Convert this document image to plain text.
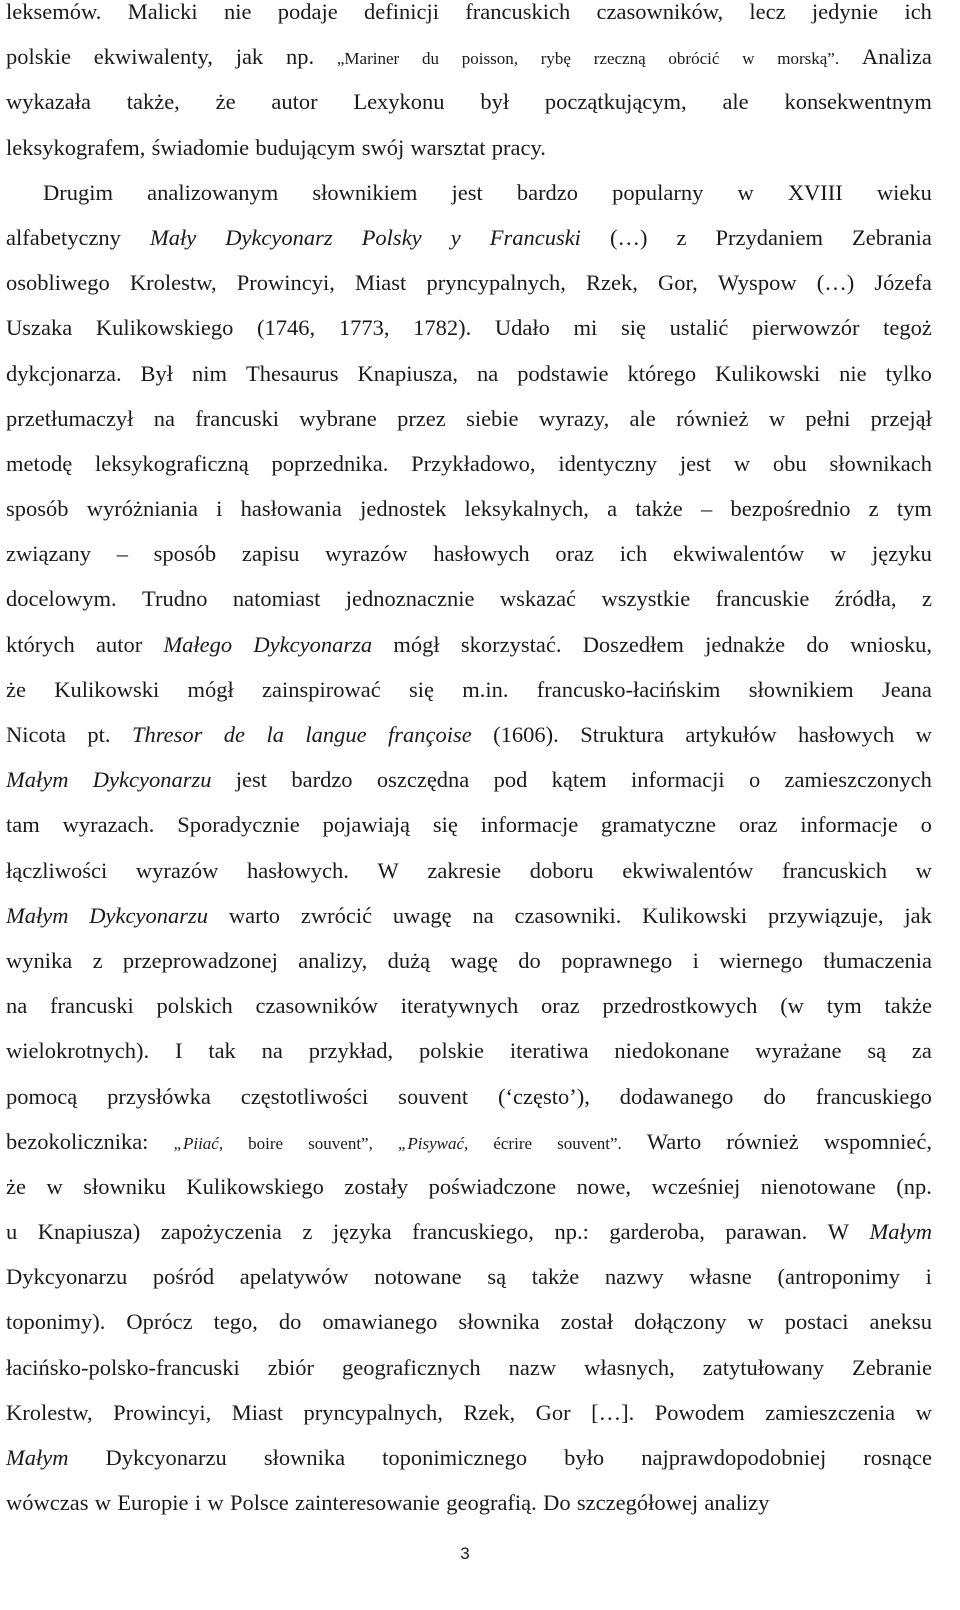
leksemów. Malicki nie podaje definicji francuskich czasowników, lecz jedynie ich
polskie ekwiwalenty, jak np. „Mariner du poisson, rybę rzeczną obrócić w morską”. Analiza
wykazała także, że autor Lexykonu był początkującym, ale konsekwentnym
leksykografem, świadomie budującym swój warsztat pracy.
Drugim analizowanym słownikiem jest bardzo popularny w XVIII wieku
alfabetyczny Mały Dykcyonarz Polsky y Francuski (…) z Przydaniem Zebrania
osobliwego Krolestw, Prowincyi, Miast pryncypalnych, Rzek, Gor, Wyspow (…) Józefa
Uszaka Kulikowskiego (1746, 1773, 1782). Udało mi się ustalić pierwowzór tegoż
dykcjonarza. Był nim Thesaurus Knapiusza, na podstawie którego Kulikowski nie tylko
przetłumaczył na francuski wybrane przez siebie wyrazy, ale również w pełni przejął
metodę leksykograficzną poprzednika. Przykładowo, identyczny jest w obu słownikach
sposób wyróżniania i hasłowania jednostek leksykalnych, a także – bezpośrednio z tym
związany – sposób zapisu wyrazów hasłowych oraz ich ekwiwalentów w języku
docelowym. Trudno natomiast jednoznacznie wskazać wszystkie francuskie źródła, z
których autor Małego Dykcyonarza mógł skorzystać. Doszedłem jednakże do wniosku,
że Kulikowski mógł zainspirować się m.in. francusko-łacińskim słownikiem Jeana
Nicota pt. Thresor de la langue françoise (1606). Struktura artykułów hasłowych w
Małym Dykcyonarzu jest bardzo oszczędna pod kątem informacji o zamieszczonych
tam wyrazach. Sporadycznie pojawiają się informacje gramatyczne oraz informacje o
łączliwości wyrazów hasłowych. W zakresie doboru ekwiwalentów francuskich w
Małym Dykcyonarzu warto zwrócić uwagę na czasowniki. Kulikowski przywiązuje, jak
wynika z przeprowadzonej analizy, dużą wagę do poprawnego i wiernego tłumaczenia
na francuski polskich czasowników iteratywnych oraz przedrostkowych (w tym także
wielokrotnych). I tak na przykład, polskie iteratiwa niedokonane wyrażane są za
pomocą przysłówka częstotliwości souvent (‘często’), dodawanego do francuskiego
bezokolicznika: „Piiać, boire souvent”, „Pisywać, écrire souvent”. Warto również wspomnieć,
że w słowniku Kulikowskiego zostały poświadczone nowe, wcześniej nienotowane (np.
u Knapiusza) zapożyczenia z języka francuskiego, np.: garderoba, parawan. W Małym
Dykcyonarzu pośród apelatywów notowane są także nazwy własne (antroponimy i
toponimy). Oprócz tego, do omawianego słownika został dołączony w postaci aneksu
łacińsko-polsko-francuski zbiór geograficznych nazw własnych, zatytułowany Zebranie
Krolestw, Prowincyi, Miast pryncypalnych, Rzek, Gor […]. Powodem zamieszczenia w
Małym Dykcyonarzu słownika toponimicznego było najprawdopodobniej rosnące
wówczas w Europie i w Polsce zainteresowanie geografią. Do szczegółowej analizy
3
